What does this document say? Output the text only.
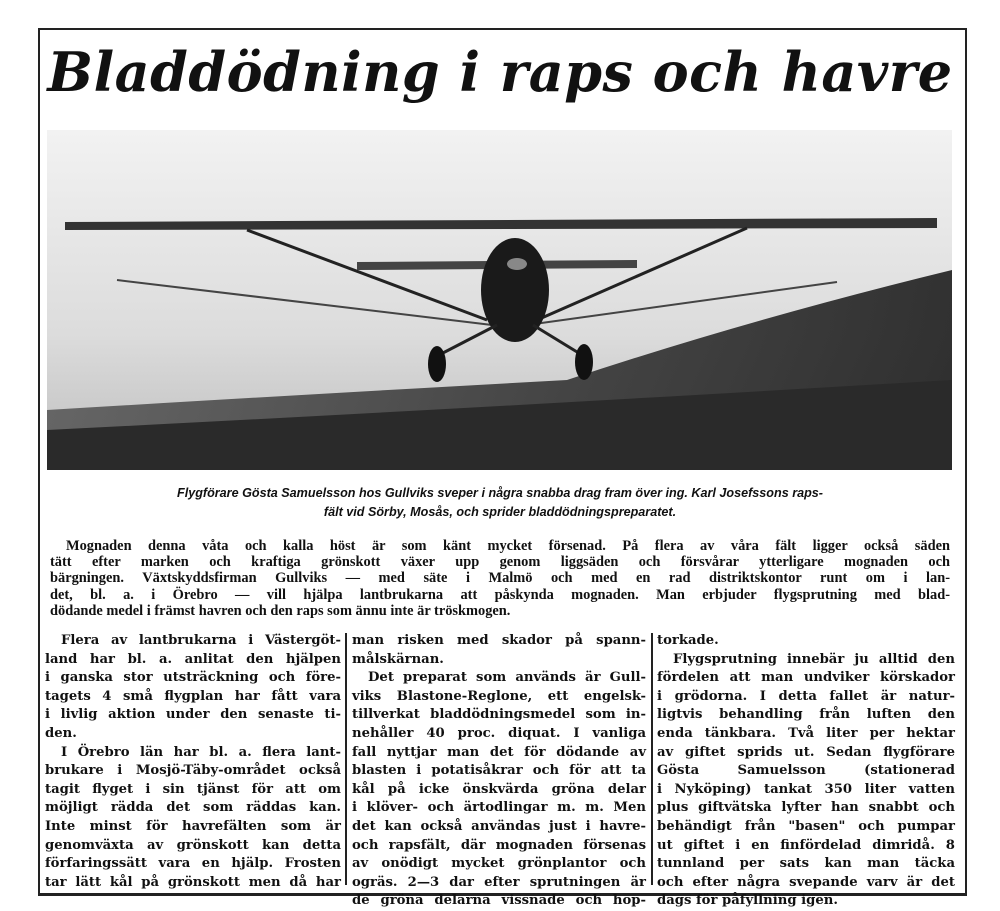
Bladdödning i raps och havre
Flygförare Gösta Samuelsson hos Gullviks sveper i några snabba drag fram över ing. Karl Josefssons raps-
fält vid Sörby, Mosås, och sprider bladdödningspreparatet.
Mognaden denna våta och kalla höst är som känt mycket försenad. På flera av våra fält ligger också säden
tätt efter marken och kraftiga grönskott växer upp genom liggsäden och försvårar ytterligare mognaden och
bärgningen. Växtskyddsfirman Gullviks — med säte i Malmö och med en rad distriktskontor runt om i lan-
det, bl. a. i Örebro — vill hjälpa lantbrukarna att påskynda mognaden. Man erbjuder flygsprutning med blad-
dödande medel i främst havren och den raps som ännu inte är tröskmogen.
Flera av lantbrukarna i Västergöt-
land har bl. a. anlitat den hjälpen
i ganska stor utsträckning och före-
tagets 4 små flygplan har fått vara
i livlig aktion under den senaste ti-
den.
I Örebro län har bl. a. flera lant-
brukare i Mosjö-Täby-området också
tagit flyget i sin tjänst för att om
möjligt rädda det som räddas kan.
Inte minst för havrefälten som är
genomväxta av grönskott kan detta
förfaringssätt vara en hjälp. Frosten
tar lätt kål på grönskott men då har
man risken med skador på spann-
målskärnan.
Det preparat som används är Gull-
viks Blastone-Reglone, ett engelsk-
tillverkat bladdödningsmedel som in-
nehåller 40 proc. diquat. I vanliga
fall nyttjar man det för dödande av
blasten i potatisåkrar och för att ta
kål på icke önskvärda gröna delar
i klöver- och ärtodlingar m. m. Men
det kan också användas just i havre-
och rapsfält, där mognaden försenas
av onödigt mycket grönplantor och
ogräs. 2—3 dar efter sprutningen är
de gröna delarna vissnade och hop-
torkade.
Flygsprutning innebär ju alltid den
fördelen att man undviker körskador
i grödorna. I detta fallet är natur-
ligtvis behandling från luften den
enda tänkbara. Två liter per hektar
av giftet sprids ut. Sedan flygförare
Gösta Samuelsson (stationerad
i Nyköping) tankat 350 liter vatten
plus giftvätska lyfter han snabbt och
behändigt från "basen" och pumpar
ut giftet i en finfördelad dimridå. 8
tunnland per sats kan man täcka
och efter några svepande varv är det
dags för påfyllning igen.
